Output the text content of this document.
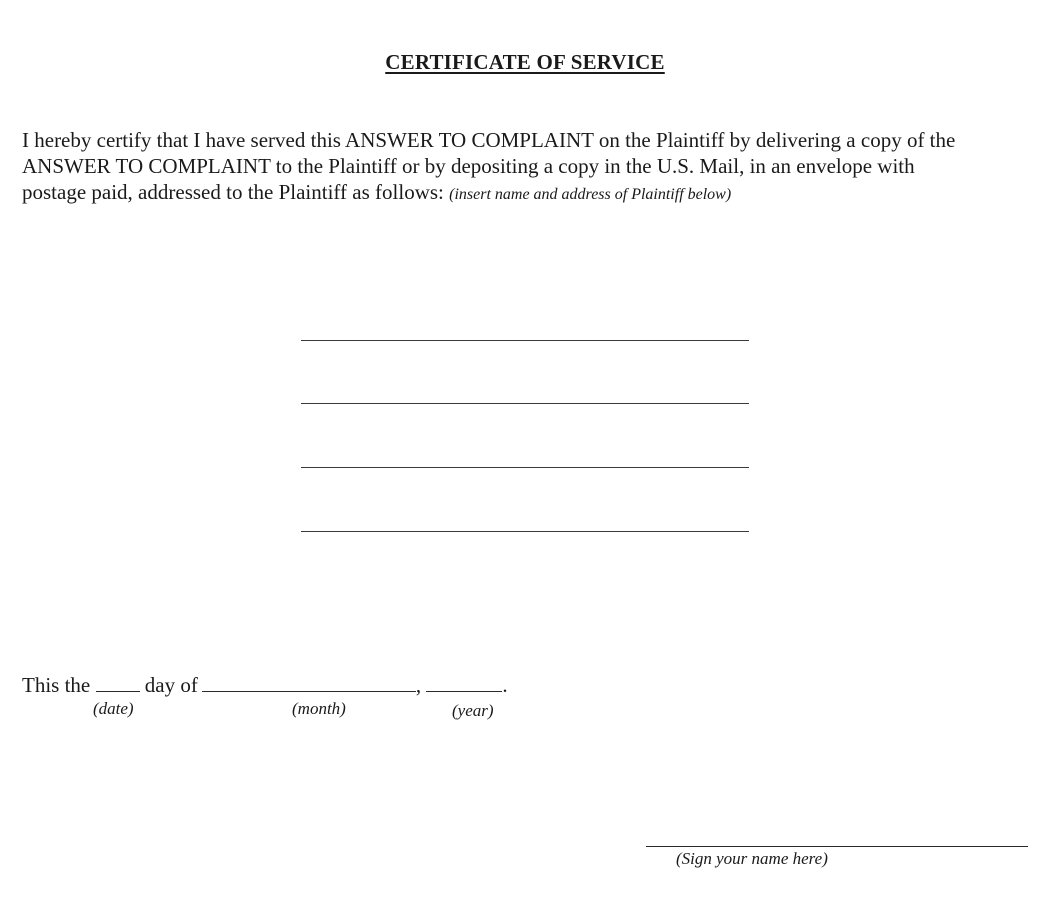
CERTIFICATE OF SERVICE
I hereby certify that I have served this ANSWER TO COMPLAINT on the Plaintiff by delivering a copy of the
ANSWER TO COMPLAINT to the Plaintiff or by depositing a copy in the U.S. Mail, in an envelope with
postage paid, addressed to the Plaintiff as follows: (insert name and address of Plaintiff below)
This the	day of	,	.
(date)	(month)	(year)
(Sign your name here)
